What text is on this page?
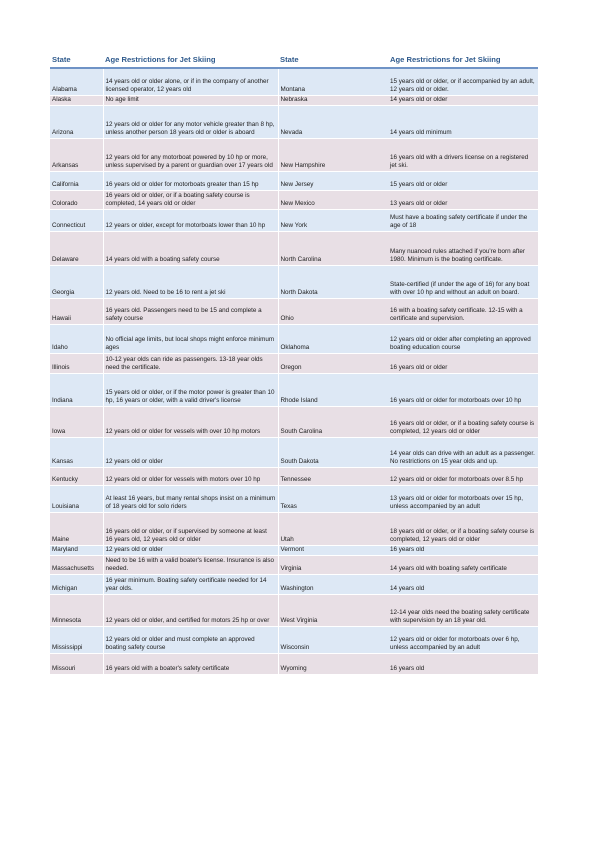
State	Age Restrictions for Jet Skiing	State	Age Restrictions for Jet Skiing
Alabama	14 years old or older alone, or if in the company of another licensed operator, 12 years old	Montana	15 years old or older, or if accompanied by an adult, 12 years old or older.
Alaska	No age limit	Nebraska	14 years old or older
Arizona	12 years old or older for any motor vehicle greater than 8 hp, unless another person 18 years old or older is aboard	Nevada	14 years old minimum
Arkansas	12 years old for any motorboat powered by 10 hp or more, unless supervised by a parent or guardian over 17 years old	New Hampshire	16 years old with a drivers license on a registered jet ski.
California	16 years old or older for motorboats greater than 15 hp	New Jersey	15 years old or older
Colorado	16 years old or older, or if a boating safety course is completed, 14 years old or older	New Mexico	13 years old or older
Connecticut	12 years or older, except for motorboats lower than 10 hp	New York	Must have a boating safety certificate if under the age of 18
Delaware	14 years old with a boating safety course	North Carolina	Many nuanced rules attached if you're born after 1980. Minimum is the boating certificate.
Georgia	12 years old. Need to be 16 to rent a jet ski	North Dakota	State-certified (if under the age of 16) for any boat with over 10 hp and without an adult on board.
Hawaii	16 years old. Passengers need to be 15 and complete a safety course	Ohio	16 with a boating safety certificate. 12-15 with a certificate and supervision.
Idaho	No official age limits, but local shops might enforce minimum ages	Oklahoma	12 years old or older after completing an approved boating education course
Illinois	10-12 year olds can ride as passengers. 13-18 year olds need the certificate.	Oregon	16 years old or older
Indiana	15 years old or older, or if the motor power is greater than 10 hp, 16 years or older, with a valid driver's license	Rhode Island	16 years old or older for motorboats over 10 hp
Iowa	12 years old or older for vessels with over 10 hp motors	South Carolina	16 years old or older, or if a boating safety course is completed, 12 years old or older
Kansas	12 years old or older	South Dakota	14 year olds can drive with an adult as a passenger. No restrictions on 15 year olds and up.
Kentucky	12 years old or older for vessels with motors over 10 hp	Tennessee	12 years old or older for motorboats over 8.5 hp
Louisiana	At least 16 years, but many rental shops insist on a minimum of 18 years old for solo riders	Texas	13 years old or older for motorboats over 15 hp, unless accompanied by an adult
Maine	16 years old or older, or if supervised by someone at least 16 years old, 12 years old or older	Utah	18 years old or older, or if a boating safety course is completed, 12 years old or older
Maryland	12 years old or older	Vermont	16 years old
Massachusetts	Need to be 16 with a valid boater's license. Insurance is also needed.	Virginia	14 years old with boating safety certificate
Michigan	16 year minimum. Boating safety certificate needed for 14 year olds.	Washington	14 years old
Minnesota	12 years old or older, and certified for motors 25 hp or over	West Virginia	12-14 year olds need the boating safety certificate with supervision by an 18 year old.
Mississippi	12 years old or older and must complete an approved boating safety course	Wisconsin	12 years old or older for motorboats over 6 hp, unless accompanied by an adult
Missouri	16 years old with a boater's safety certificate	Wyoming	16 years old
